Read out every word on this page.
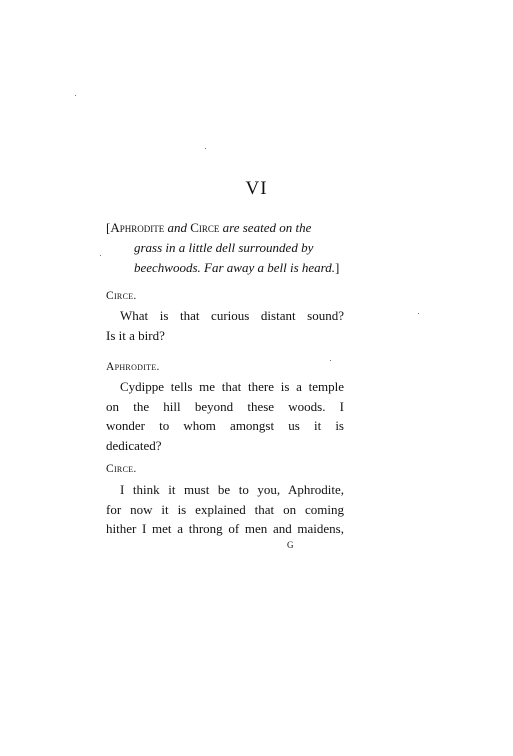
VI
[Aphrodite and Circe are seated on the
grass in a little dell surrounded by
beechwoods. Far away a bell is heard.]
Circe.
What is that curious distant sound?
Is it a bird?
Aphrodite.
Cydippe tells me that there is a temple
on the hill beyond these woods. I
wonder to whom amongst us it is
dedicated?
Circe.
I think it must be to you, Aphrodite,
for now it is explained that on coming
hither I met a throng of men and maidens,
G
